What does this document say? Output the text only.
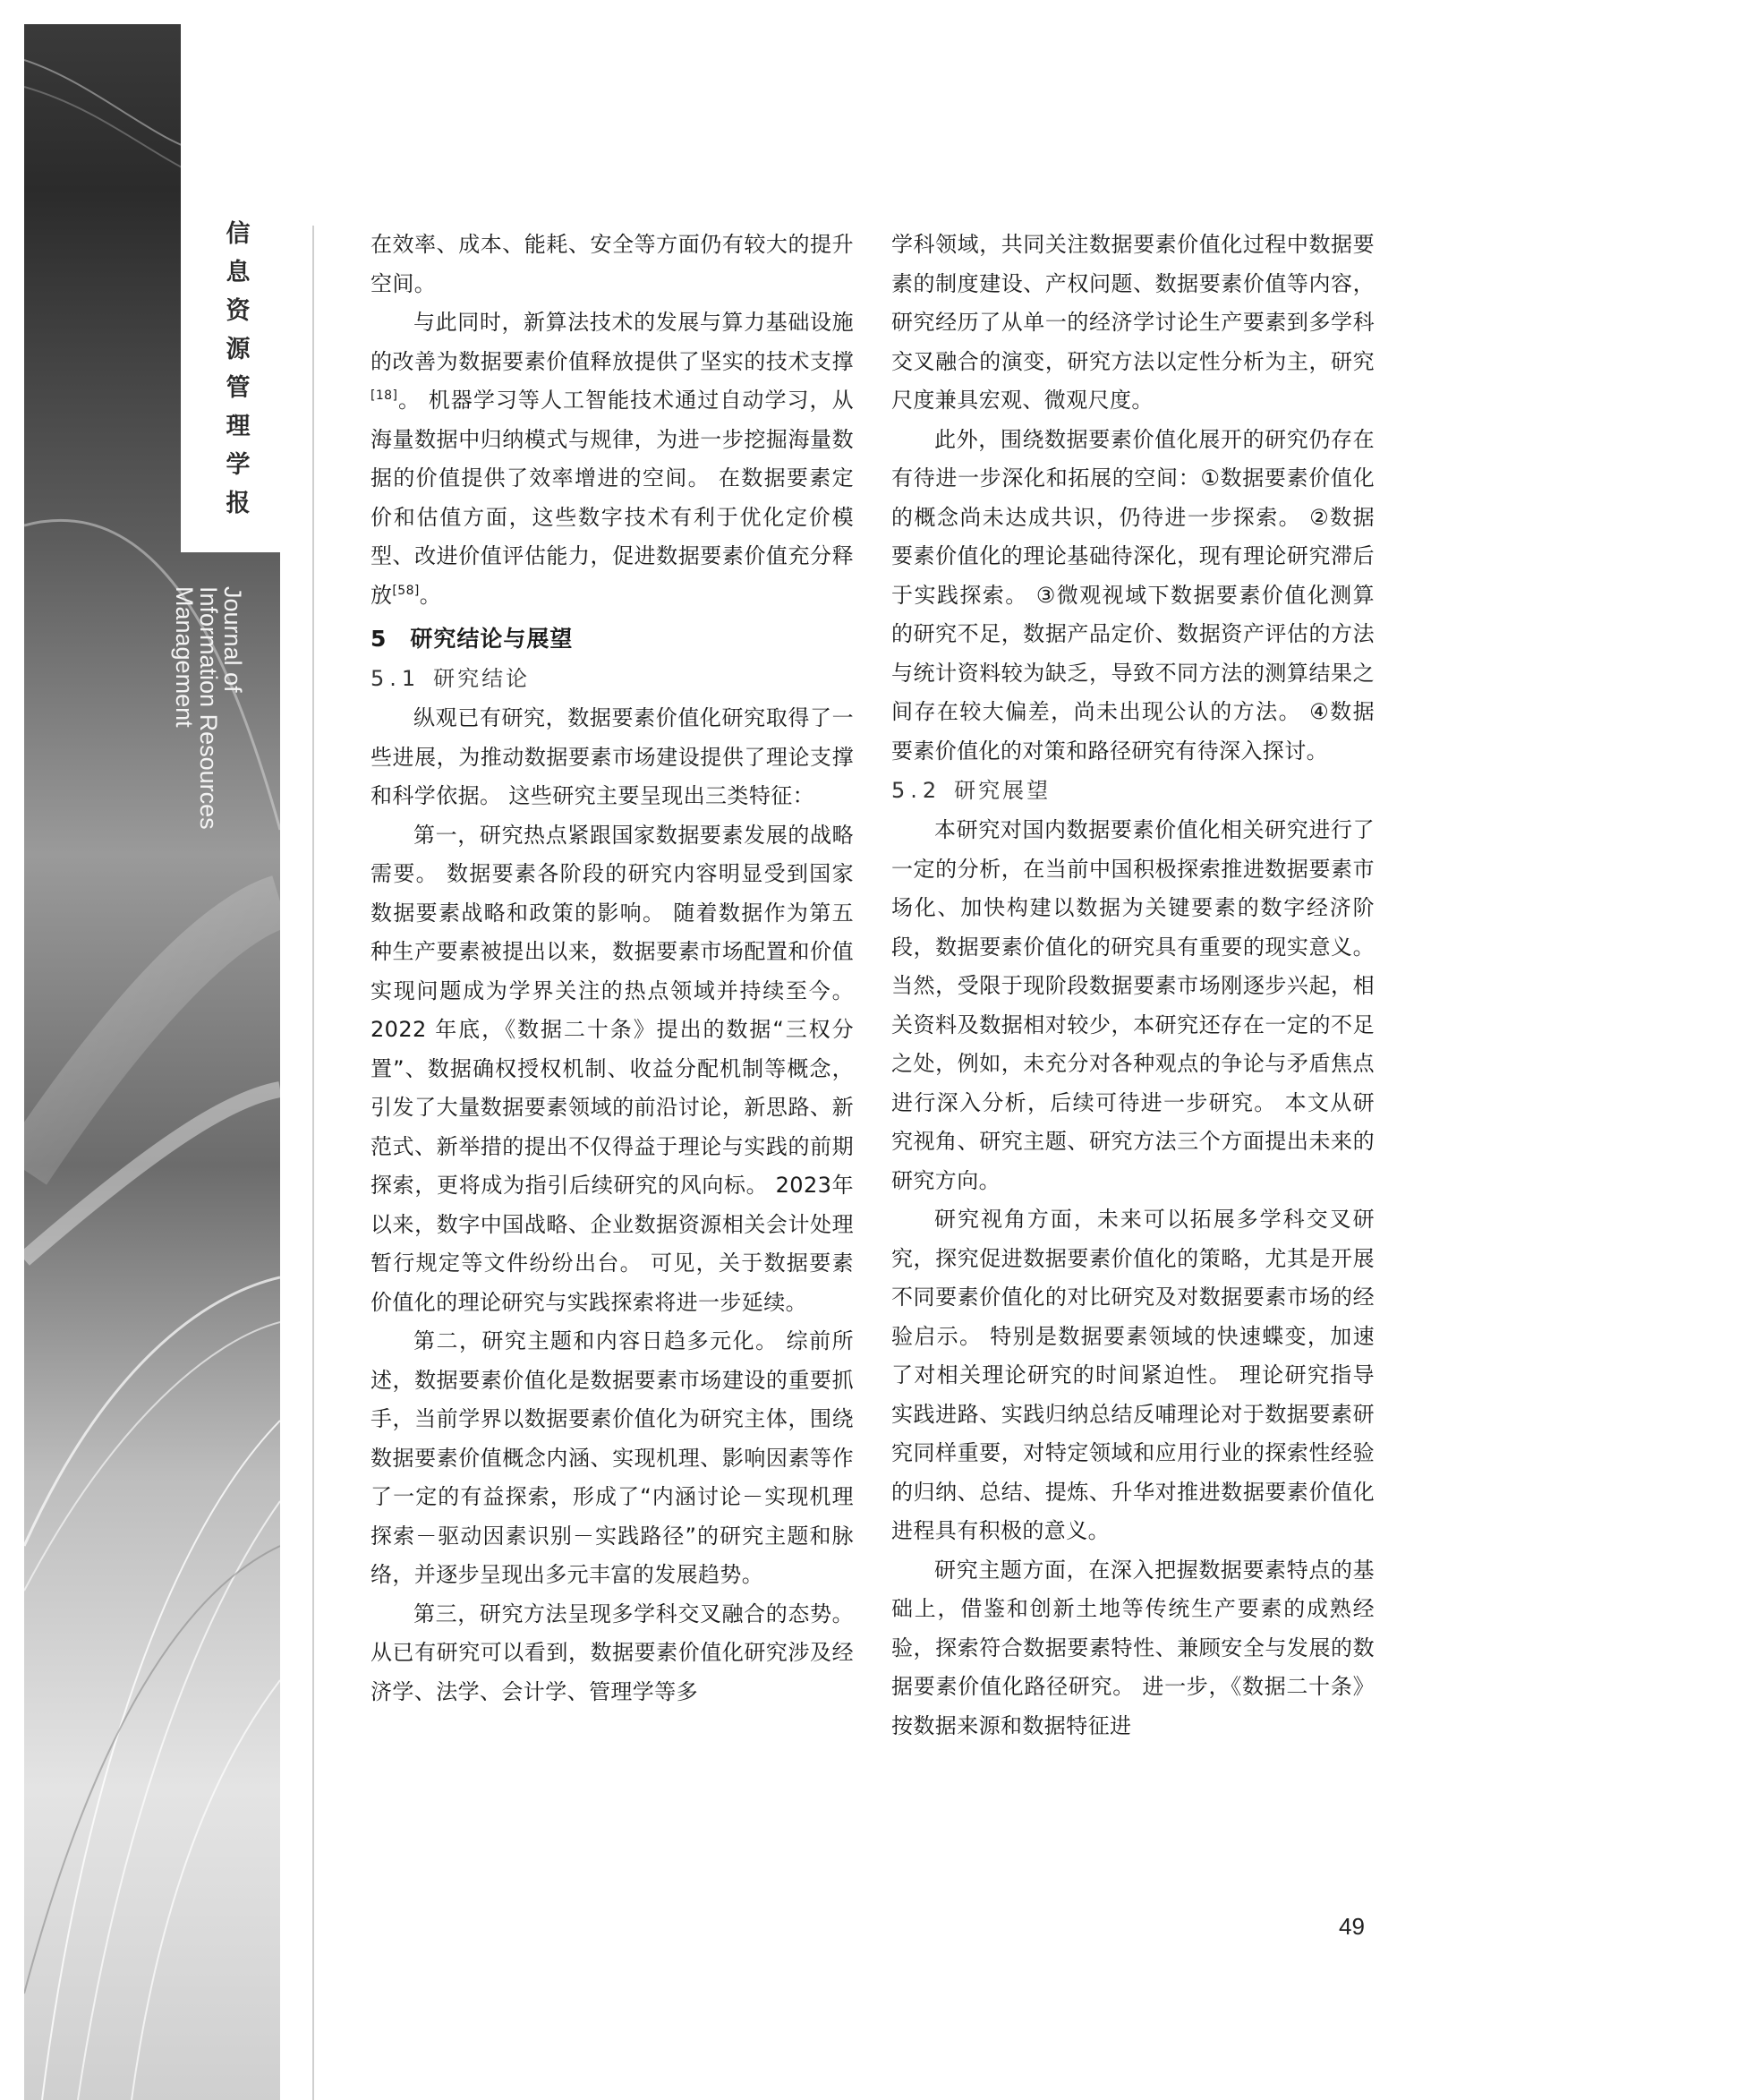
信
息
资
源
管
理
学
报
Journal of
Information Resources
Management

在效率、成本、能耗、安全等方面仍有较大的提升空间。

与此同时，新算法技术的发展与算力基础设施的改善为数据要素价值释放提供了坚实的技术支撑[18]。 机器学习等人工智能技术通过自动学习，从海量数据中归纳模式与规律，为进一步挖掘海量数据的价值提供了效率增进的空间。 在数据要素定价和估值方面，这些数字技术有利于优化定价模型、改进价值评估能力，促进数据要素价值充分释放[58]。

5　研究结论与展望
5.1 研究结论

纵观已有研究，数据要素价值化研究取得了一些进展，为推动数据要素市场建设提供了理论支撑和科学依据。 这些研究主要呈现出三类特征：

第一，研究热点紧跟国家数据要素发展的战略需要。 数据要素各阶段的研究内容明显受到国家数据要素战略和政策的影响。 随着数据作为第五种生产要素被提出以来，数据要素市场配置和价值实现问题成为学界关注的热点领域并持续至今。 2022 年底，《数据二十条》提出的数据“三权分置”、数据确权授权机制、收益分配机制等概念，引发了大量数据要素领域的前沿讨论，新思路、新范式、新举措的提出不仅得益于理论与实践的前期探索，更将成为指引后续研究的风向标。 2023年以来，数字中国战略、企业数据资源相关会计处理暂行规定等文件纷纷出台。 可见，关于数据要素价值化的理论研究与实践探索将进一步延续。

第二，研究主题和内容日趋多元化。 综前所述，数据要素价值化是数据要素市场建设的重要抓手，当前学界以数据要素价值化为研究主体，围绕数据要素价值概念内涵、实现机理、影响因素等作了一定的有益探索，形成了“内涵讨论－实现机理探索－驱动因素识别－实践路径”的研究主题和脉络，并逐步呈现出多元丰富的发展趋势。

第三，研究方法呈现多学科交叉融合的态势。 从已有研究可以看到，数据要素价值化研究涉及经济学、法学、会计学、管理学等多

学科领域，共同关注数据要素价值化过程中数据要素的制度建设、产权问题、数据要素价值等内容，研究经历了从单一的经济学讨论生产要素到多学科交叉融合的演变，研究方法以定性分析为主，研究尺度兼具宏观、微观尺度。

此外，围绕数据要素价值化展开的研究仍存在有待进一步深化和拓展的空间：①数据要素价值化的概念尚未达成共识，仍待进一步探索。 ②数据要素价值化的理论基础待深化，现有理论研究滞后于实践探索。 ③微观视域下数据要素价值化测算的研究不足，数据产品定价、数据资产评估的方法与统计资料较为缺乏，导致不同方法的测算结果之间存在较大偏差，尚未出现公认的方法。 ④数据要素价值化的对策和路径研究有待深入探讨。

5.2 研究展望

本研究对国内数据要素价值化相关研究进行了一定的分析，在当前中国积极探索推进数据要素市场化、加快构建以数据为关键要素的数字经济阶段，数据要素价值化的研究具有重要的现实意义。 当然，受限于现阶段数据要素市场刚逐步兴起，相关资料及数据相对较少，本研究还存在一定的不足之处，例如，未充分对各种观点的争论与矛盾焦点进行深入分析，后续可待进一步研究。 本文从研究视角、研究主题、研究方法三个方面提出未来的研究方向。

研究视角方面，未来可以拓展多学科交叉研究，探究促进数据要素价值化的策略，尤其是开展不同要素价值化的对比研究及对数据要素市场的经验启示。 特别是数据要素领域的快速蝶变，加速了对相关理论研究的时间紧迫性。 理论研究指导实践进路、实践归纳总结反哺理论对于数据要素研究同样重要，对特定领域和应用行业的探索性经验的归纳、总结、提炼、升华对推进数据要素价值化进程具有积极的意义。

研究主题方面，在深入把握数据要素特点的基础上，借鉴和创新土地等传统生产要素的成熟经验，探索符合数据要素特性、兼顾安全与发展的数据要素价值化路径研究。 进一步，《数据二十条》按数据来源和数据特征进

49
